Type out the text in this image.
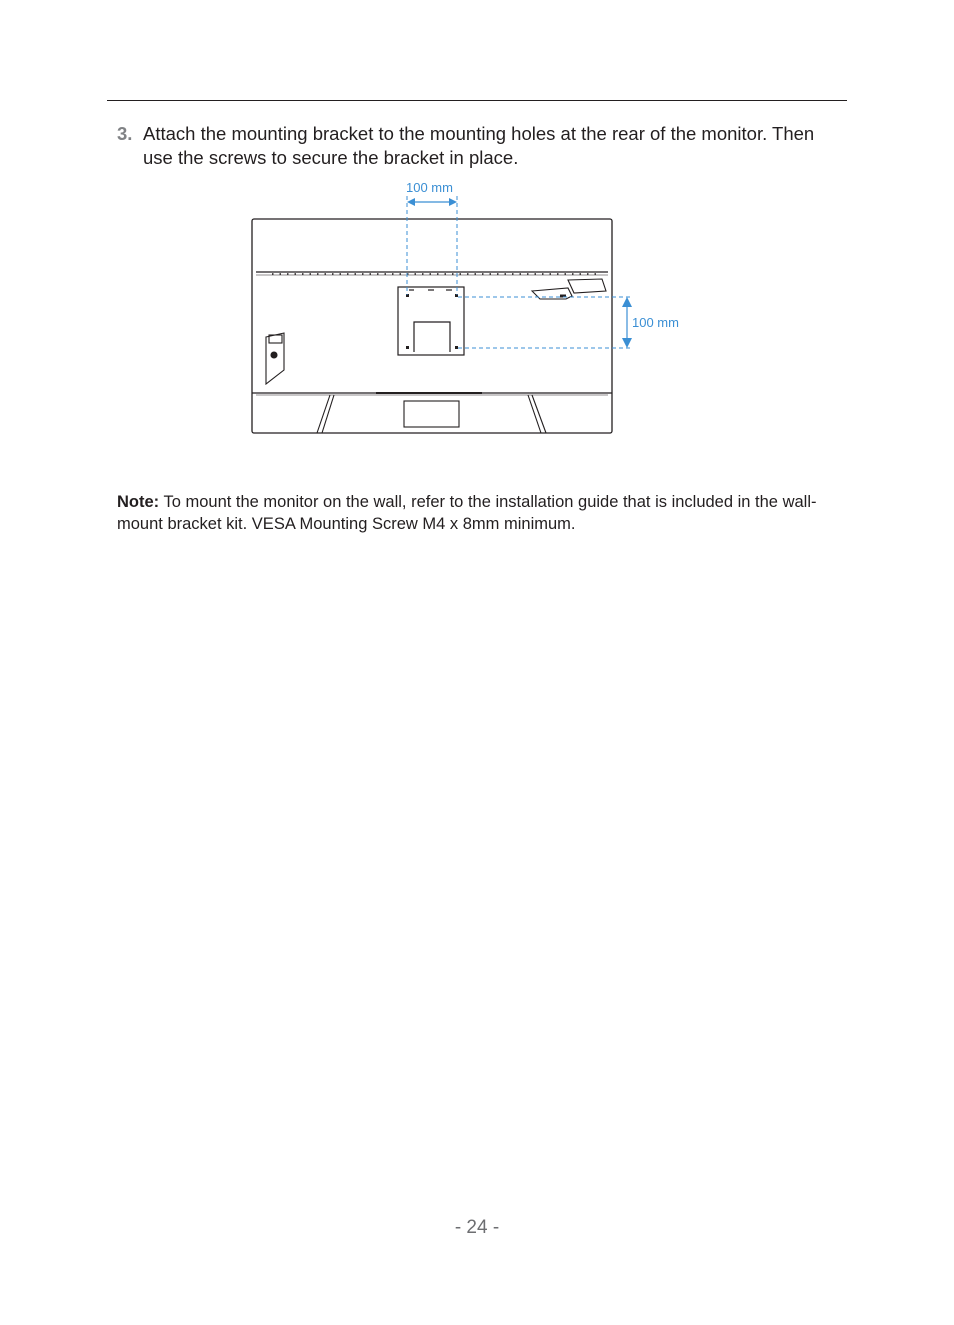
3. Attach the mounting bracket to the mounting holes at the rear of the monitor. Then use the screws to secure the bracket in place.
100 mm
100 mm
Note: To mount the monitor on the wall, refer to the installation guide that is included in the wall-mount bracket kit. VESA Mounting Screw M4 x 8mm minimum.
- 24 -
